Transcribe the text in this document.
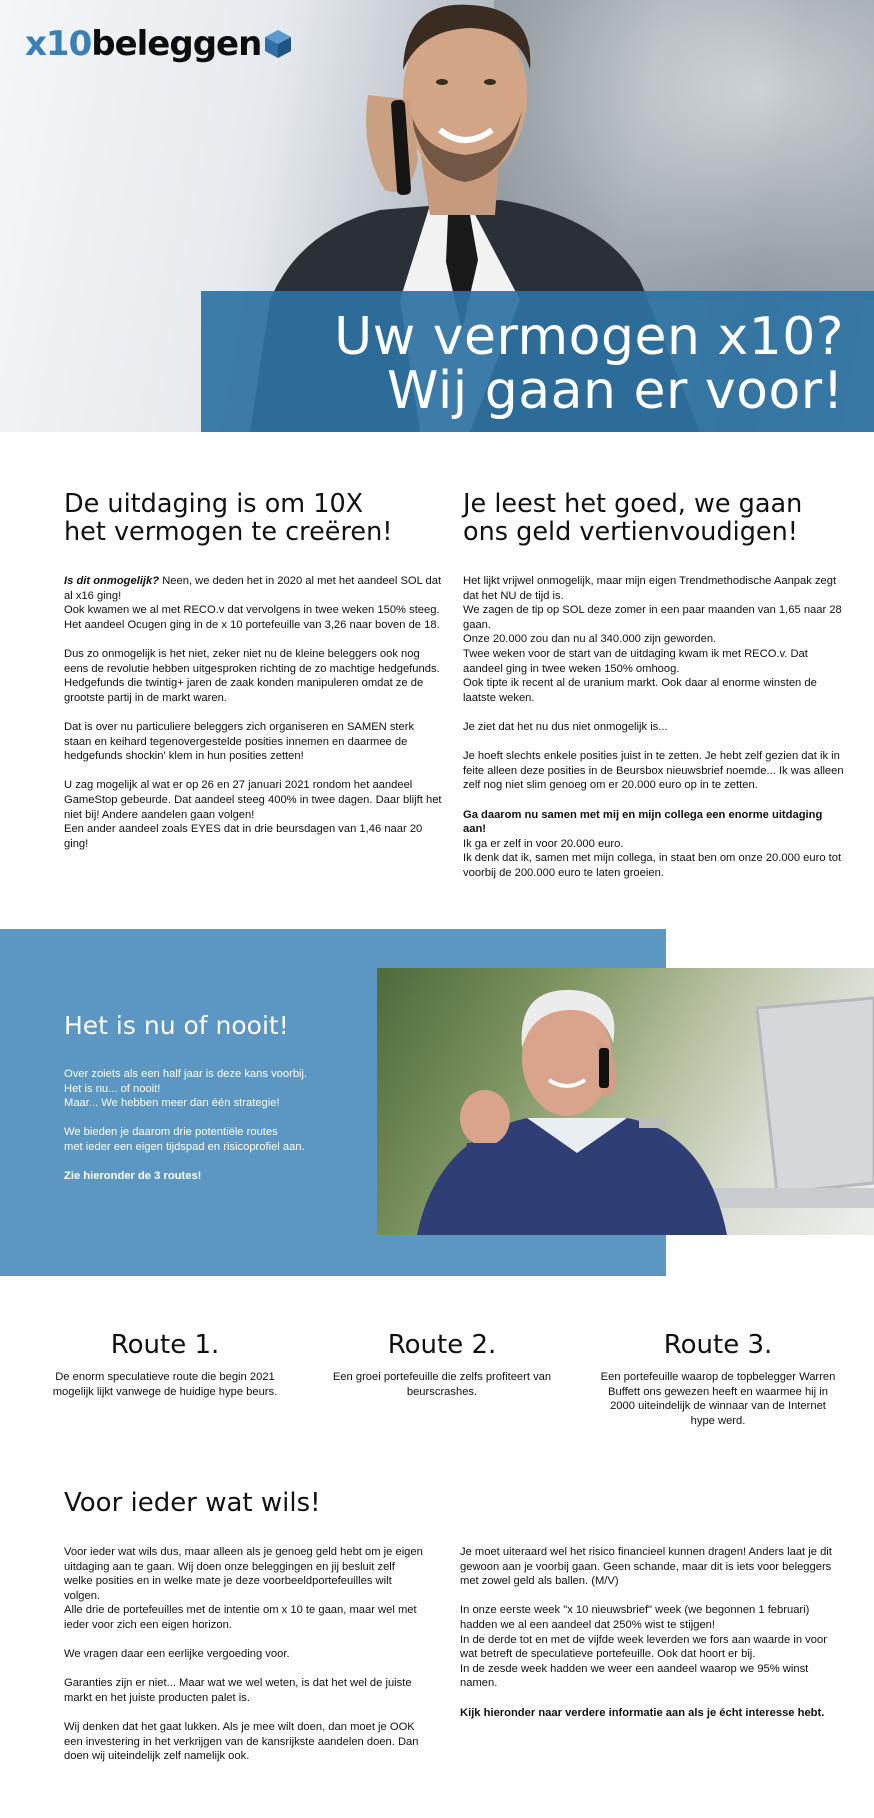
x10 beleggen
Uw vermogen x10?
Wij gaan er voor!
De uitdaging is om 10X
het vermogen te creëren!

Is dit onmogelijk? Neen, we deden het in 2020 al met het aandeel SOL dat al x16 ging!

Ook kwamen we al met RECO.v dat vervolgens in twee weken 150% steeg. Het aandeel Ocugen ging in de x 10 portefeuille van 3,26 naar boven de 18.

Dus zo onmogelijk is het niet, zeker niet nu de kleine beleggers ook nog eens de revolutie hebben uitgesproken richting de zo machtige hedgefunds. Hedgefunds die twintig+ jaren de zaak konden manipuleren omdat ze de grootste partij in de markt waren.

Dat is over nu particuliere beleggers zich organiseren en SAMEN sterk staan en keihard tegenovergestelde posities innemen en daarmee de hedgefunds shockin' klem in hun posities zetten!

U zag mogelijk al wat er op 26 en 27 januari 2021 rondom het aandeel GameStop gebeurde. Dat aandeel steeg 400% in twee dagen. Daar blijft het niet bij! Andere aandelen gaan volgen!

Een ander aandeel zoals EYES dat in drie beursdagen van 1,46 naar 20 ging!

Je leest het goed, we gaan
ons geld vertienvoudigen!

Het lijkt vrijwel onmogelijk, maar mijn eigen Trendmethodische Aanpak zegt dat het NU de tijd is.

We zagen de tip op SOL deze zomer in een paar maanden van 1,65 naar 28 gaan.

Onze 20.000 zou dan nu al 340.000 zijn geworden.

Twee weken voor de start van de uitdaging kwam ik met RECO.v. Dat aandeel ging in twee weken 150% omhoog.

Ook tipte ik recent al de uranium markt. Ook daar al enorme winsten de laatste weken.

Je ziet dat het nu dus niet onmogelijk is...

Je hoeft slechts enkele posities juist in te zetten. Je hebt zelf gezien dat ik in feite alleen deze posities in de Beursbox nieuwsbrief noemde... Ik was alleen zelf nog niet slim genoeg om er 20.000 euro op in te zetten.

Ga daarom nu samen met mij en mijn collega een enorme uitdaging aan!

Ik ga er zelf in voor 20.000 euro.

Ik denk dat ik, samen met mijn collega, in staat ben om onze 20.000 euro tot voorbij de 200.000 euro te laten groeien.

Het is nu of nooit!

Over zoiets als een half jaar is deze kans voorbij.

Het is nu... of nooit!

Maar... We hebben meer dan één strategie!

We bieden je daarom drie potentiële routes

met ieder een eigen tijdspad en risicoprofiel aan.

Zie hieronder de 3 routes!

Route 1.
De enorm speculatieve route die begin 2021 mogelijk lijkt vanwege de huidige hype beurs.
Route 2.
Een groei portefeuille die zelfs profiteert van beurscrashes.
Route 3.
Een portefeuille waarop de topbelegger Warren Buffett ons gewezen heeft en waarmee hij in 2000 uiteindelijk de winnaar van de Internet hype werd.
Voor ieder wat wils!

Voor ieder wat wils dus, maar alleen als je genoeg geld hebt om je eigen uitdaging aan te gaan. Wij doen onze beleggingen en jij besluit zelf welke posities en in welke mate je deze voorbeeldportefeuilles wilt volgen.

Alle drie de portefeuilles met de intentie om x 10 te gaan, maar wel met ieder voor zich een eigen horizon.

We vragen daar een eerlijke vergoeding voor.

Garanties zijn er niet... Maar wat we wel weten, is dat het wel de juiste markt en het juiste producten palet is.

Wij denken dat het gaat lukken. Als je mee wilt doen, dan moet je OOK een investering in het verkrijgen van de kansrijkste aandelen doen. Dan doen wij uiteindelijk zelf namelijk ook.

Je moet uiteraard wel het risico financieel kunnen dragen! Anders laat je dit gewoon aan je voorbij gaan. Geen schande, maar dit is iets voor beleggers met zowel geld als ballen. (M/V)

In onze eerste week "x 10 nieuwsbrief" week (we begonnen 1 februari) hadden we al een aandeel dat 250% wist te stijgen!

In de derde tot en met de vijfde week leverden we fors aan waarde in voor wat betreft de speculatieve portefeuille. Ook dat hoort er bij.

In de zesde week hadden we weer een aandeel waarop we 95% winst namen.

Kijk hieronder naar verdere informatie aan als je écht interesse hebt.
